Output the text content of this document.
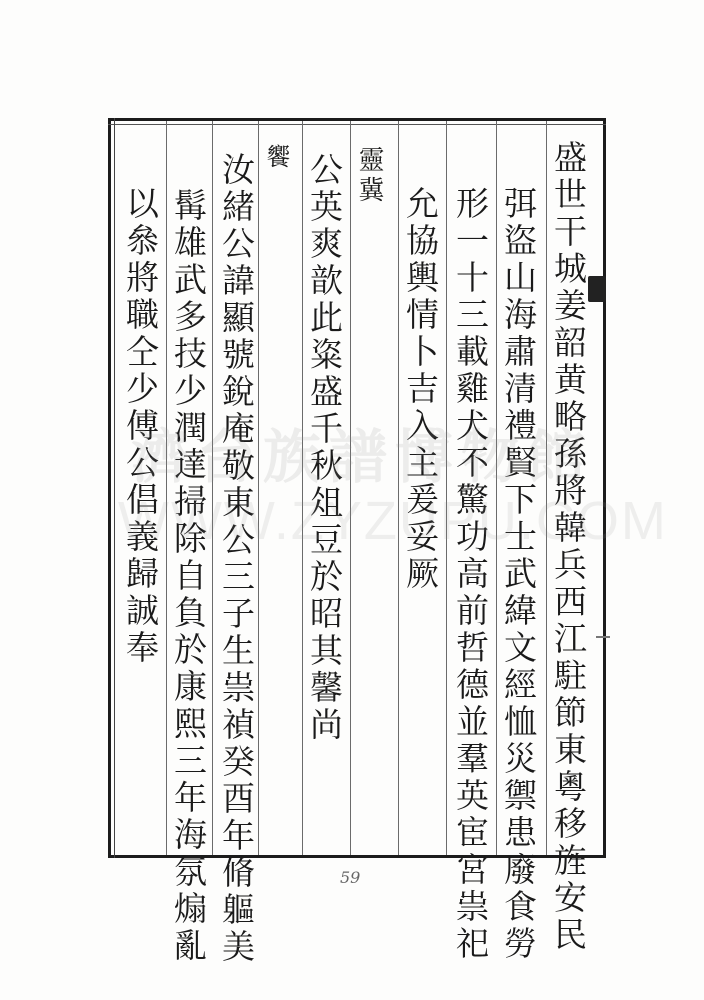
盛世干城姜韶黄略孫將韓兵西江駐節東粵移旌安民
弭盜山海肅清禮賢下士武緯文經恤災禦患廢食勞
形一十三載雞犬不驚功高前哲德並羣英宦宮祟祀
允協輿情卜吉入主爰妥厥
靈冀
公英爽歆此粢盛千秋俎豆於昭其馨尚
饗
汝緒公諱顯號銳庵敬東公三子生祟禎癸酉年脩軀美
髯雄武多技少潤達掃除自負於康熙三年海氛煽亂
以叅將職仝少傅公倡義歸誠奉
濟台族譜博物館
WWW.ZYZUPU.COM
59
